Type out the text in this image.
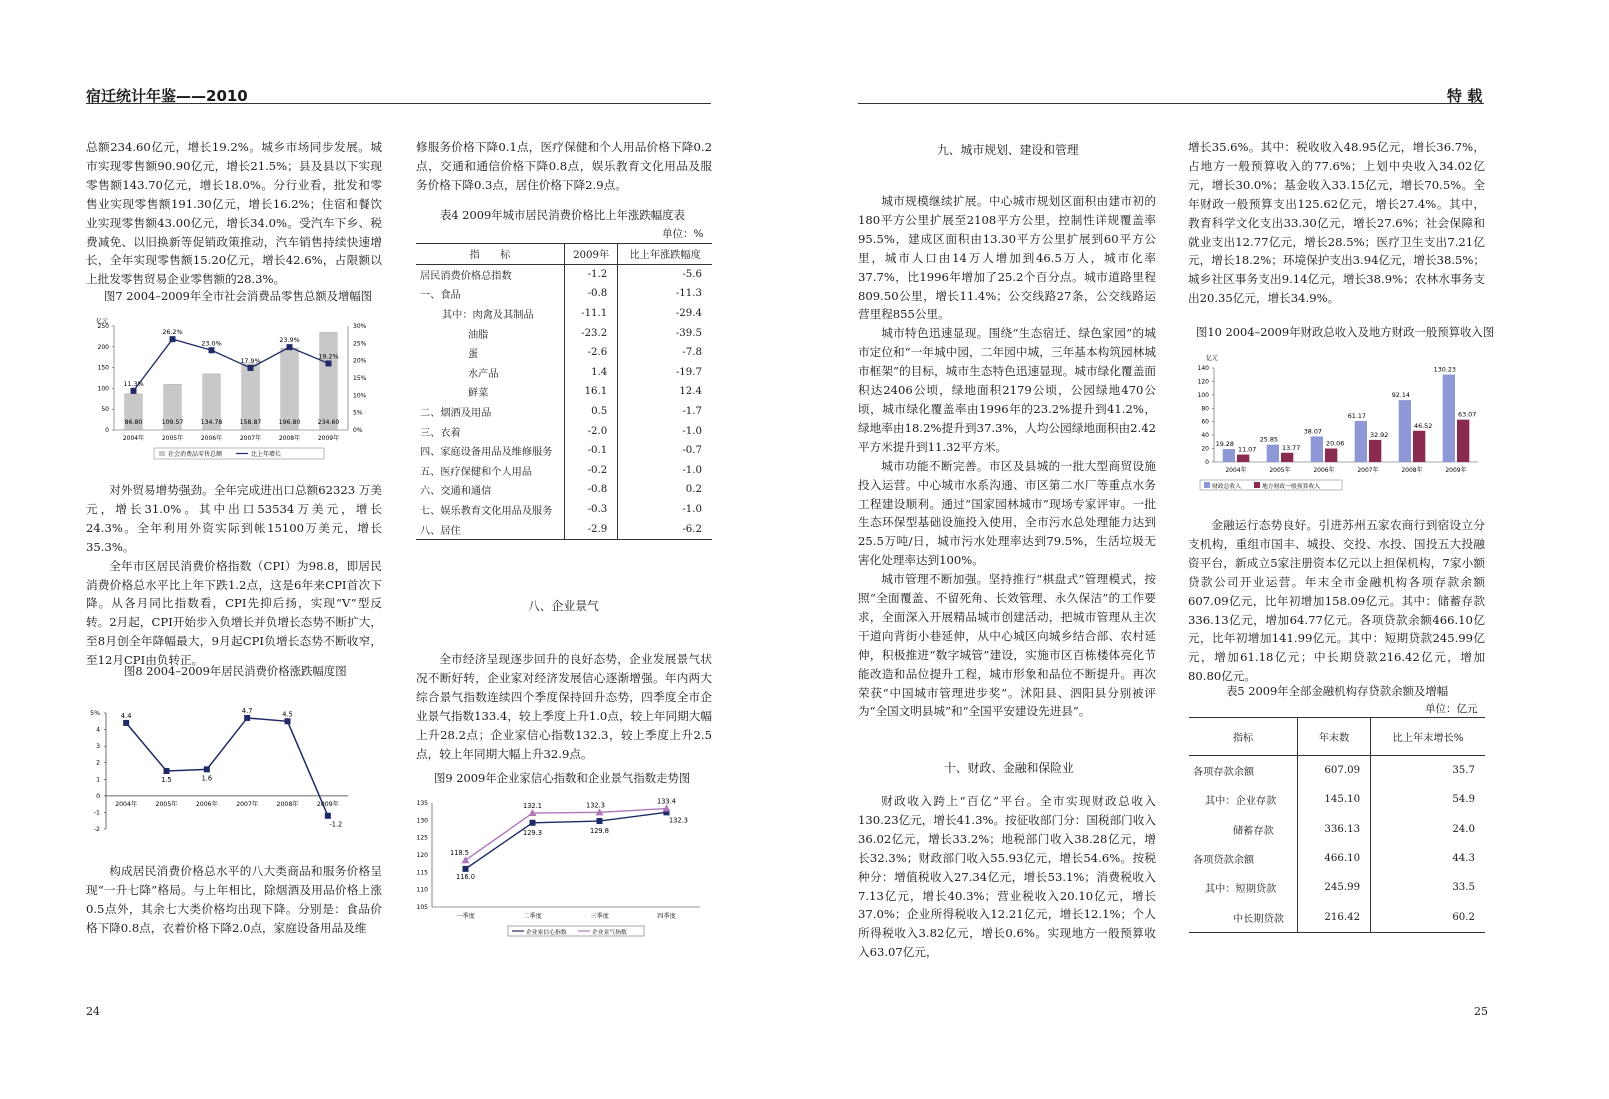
宿迁统计年鉴——2010

总额234.60亿元，增长19.2%。城乡市场同步发展。城市实现零售额90.90亿元，增长21.5%；县及县以下实现零售额143.70亿元，增长18.0%。分行业看，批发和零售业实现零售额191.30亿元，增长16.2%；住宿和餐饮业实现零售额43.00亿元，增长34.0%。受汽车下乡、税费减免、以旧换新等促销政策推动，汽车销售持续快速增长，全年实现零售额15.20亿元，增长42.6%，占限额以上批发零售贸易企业零售额的28.3%。

图7 2004–2009年全市社会消费品零售总额及增幅图
亿元
0
50
100
150
200
250
0%
5%
10%
15%
20%
25%
30%
86.80
2004年
109.57
2005年
134.78
2006年
158.87
2007年
196.80
2008年
234.60
2009年
11.3%
26.2%
23.0%
17.9%
23.9%
19.2%
社会消费品零售总额	比上年增长

对外贸易增势强劲。全年完成进出口总额62323 万美元，增长31.0%。其中出口53534万美元，增长24.3%。全年利用外资实际到帐15100万美元，增长35.3%。

全年市区居民消费价格指数（CPI）为98.8，即居民消费价格总水平比上年下跌1.2点，这是6年来CPI首次下降。从各月同比指数看，CPI先抑后扬，实现“V”型反转。2月起，CPI开始步入负增长并负增长态势不断扩大，至8月创全年降幅最大，9月起CPI负增长态势不断收窄，至12月CPI由负转正。

图8 2004–2009年居民消费价格涨跌幅度图
-2
-1
0
1
2
3
4
5%
2004年	2005年	2006年	2007年	2008年	2009年
4.4
1.5	1.6
4.7	4.5
-1.2

构成居民消费价格总水平的八大类商品和服务价格呈现“一升七降”格局。与上年相比，除烟酒及用品价格上涨0.5点外，其余七大类价格均出现下降。分别是：食品价格下降0.8点，衣着价格下降2.0点，家庭设备用品及维

修服务价格下降0.1点，医疗保健和个人用品价格下降0.2点，交通和通信价格下降0.8点，娱乐教育文化用品及服务价格下降0.3点，居住价格下降2.9点。

表4 2009年城市居民消费价格比上年涨跌幅度表
单位：%
指　　标	2009年	比上年涨跌幅度
居民消费价格总指数	-1.2	-5.6
一、食品	-0.8	-11.3
其中：肉禽及其制品	-11.1	-29.4
油脂	-23.2	-39.5
蛋	-2.6	-7.8
水产品	1.4	-19.7
鲜菜	16.1	12.4
二、烟酒及用品	0.5	-1.7
三、衣着	-2.0	-1.0
四、家庭设备用品及维修服务	-0.1	-0.7
五、医疗保健和个人用品	-0.2	-1.0
六、交通和通信	-0.8	0.2
七、娱乐教育文化用品及服务	-0.3	-1.0
八、居住	-2.9	-6.2
八、企业景气

全市经济呈现逐步回升的良好态势，企业发展景气状况不断好转，企业家对经济发展信心逐渐增强。年内两大综合景气指数连续四个季度保持回升态势，四季度全市企业景气指数133.4，较上季度上升1.0点，较上年同期大幅上升28.2点；企业家信心指数132.3，较上季度上升2.5点，较上年同期大幅上升32.9点。

图9 2009年企业家信心指数和企业景气指数走势图
105
110
115
120
125
130
135
一季度	二季度	三季度	四季度
116.0
129.3	129.8
132.3
118.5
132.1	132.3	133.4
企业家信心指数	企业景气指数
24
特 载
九、城市规划、建设和管理

城市规模继续扩展。中心城市规划区面积由建市初的180平方公里扩展至2108平方公里，控制性详规覆盖率95.5%，建成区面积由13.30平方公里扩展到60平方公里，城市人口由14万人增加到46.5万人，城市化率37.7%，比1996年增加了25.2个百分点。城市道路里程809.50公里，增长11.4%；公交线路27条，公交线路运营里程855公里。

城市特色迅速显现。围绕“生态宿迁、绿色家园”的城市定位和“一年城中园，二年园中城，三年基本构筑园林城市框架”的目标，城市生态特色迅速显现。城市绿化覆盖面积达2406公顷，绿地面积2179公顷，公园绿地470公顷，城市绿化覆盖率由1996年的23.2%提升到41.2%，绿地率由18.2%提升到37.3%，人均公园绿地面积由2.42平方米提升到11.32平方米。

城市功能不断完善。市区及县城的一批大型商贸设施投入运营。中心城市水系沟通、市区第二水厂等重点水务工程建设顺利。通过“国家园林城市”现场专家评审。一批生态环保型基础设施投入使用，全市污水总处理能力达到25.5万吨/日，城市污水处理率达到79.5%，生活垃圾无害化处理率达到100%。

城市管理不断加强。坚持推行“棋盘式”管理模式，按照“全面覆盖、不留死角、长效管理、永久保洁”的工作要求，全面深入开展精品城市创建活动，把城市管理从主次干道向背街小巷延伸，从中心城区向城乡结合部、农村延伸，积极推进“数字城管”建设，实施市区百栋楼体亮化节能改造和品位提升工程，城市形象和品位不断提升。再次荣获“中国城市管理进步奖”。沭阳县、泗阳县分别被评为“全国文明县城”和“全国平安建设先进县”。

十、财政、金融和保险业

财政收入跨上“百亿”平台。全市实现财政总收入130.23亿元，增长41.3%。按征收部门分：国税部门收入36.02亿元，增长33.2%；地税部门收入38.28亿元，增长32.3%；财政部门收入55.93亿元，增长54.6%。按税种分：增值税收入27.34亿元，增长53.1%；消费税收入7.13亿元，增长40.3%；营业税收入20.10亿元，增长37.0%；企业所得税收入12.21亿元，增长12.1%；个人所得税收入3.82亿元，增长0.6%。实现地方一般预算收入63.07亿元，

增长35.6%。其中：税收收入48.95亿元，增长36.7%，占地方一般预算收入的77.6%；上划中央收入34.02亿元，增长30.0%；基金收入33.15亿元，增长70.5%。全年财政一般预算支出125.62亿元，增长27.4%。其中，教育科学文化支出33.30亿元，增长27.6%；社会保障和就业支出12.77亿元，增长28.5%；医疗卫生支出7.21亿元，增长18.2%；环境保护支出3.94亿元，增长38.5%；城乡社区事务支出9.14亿元，增长38.9%；农林水事务支出20.35亿元，增长34.9%。

图10 2004–2009年财政总收入及地方财政一般预算收入图
亿元
0
20
40
60
80
100
120
140
19.28
11.07
2004年
25.85
13.77
2005年
38.07
20.06
2006年
61.17
32.92
2007年
92.14
46.52
2008年
130.23
63.07
2009年
财政总收入	地方财政一般预算收入

金融运行态势良好。引进苏州五家农商行到宿设立分支机构，重组市国丰、城投、交投、水投、国投五大投融资平台，新成立5家注册资本亿元以上担保机构，7家小额贷款公司开业运营。年末全市金融机构各项存款余额607.09亿元，比年初增加158.09亿元。其中：储蓄存款336.13亿元，增加64.77亿元。各项贷款余额466.10亿元，比年初增加141.99亿元。其中：短期贷款245.99亿元，增加61.18亿元；中长期贷款216.42亿元，增加80.80亿元。

表5 2009年全部金融机构存贷款余额及增幅
单位：亿元
指标	年末数	比上年末增长%
各项存款余额	607.09	35.7
其中：企业存款	145.10	54.9
储蓄存款	336.13	24.0
各项贷款余额	466.10	44.3
其中：短期贷款	245.99	33.5
中长期贷款	216.42	60.2
25
